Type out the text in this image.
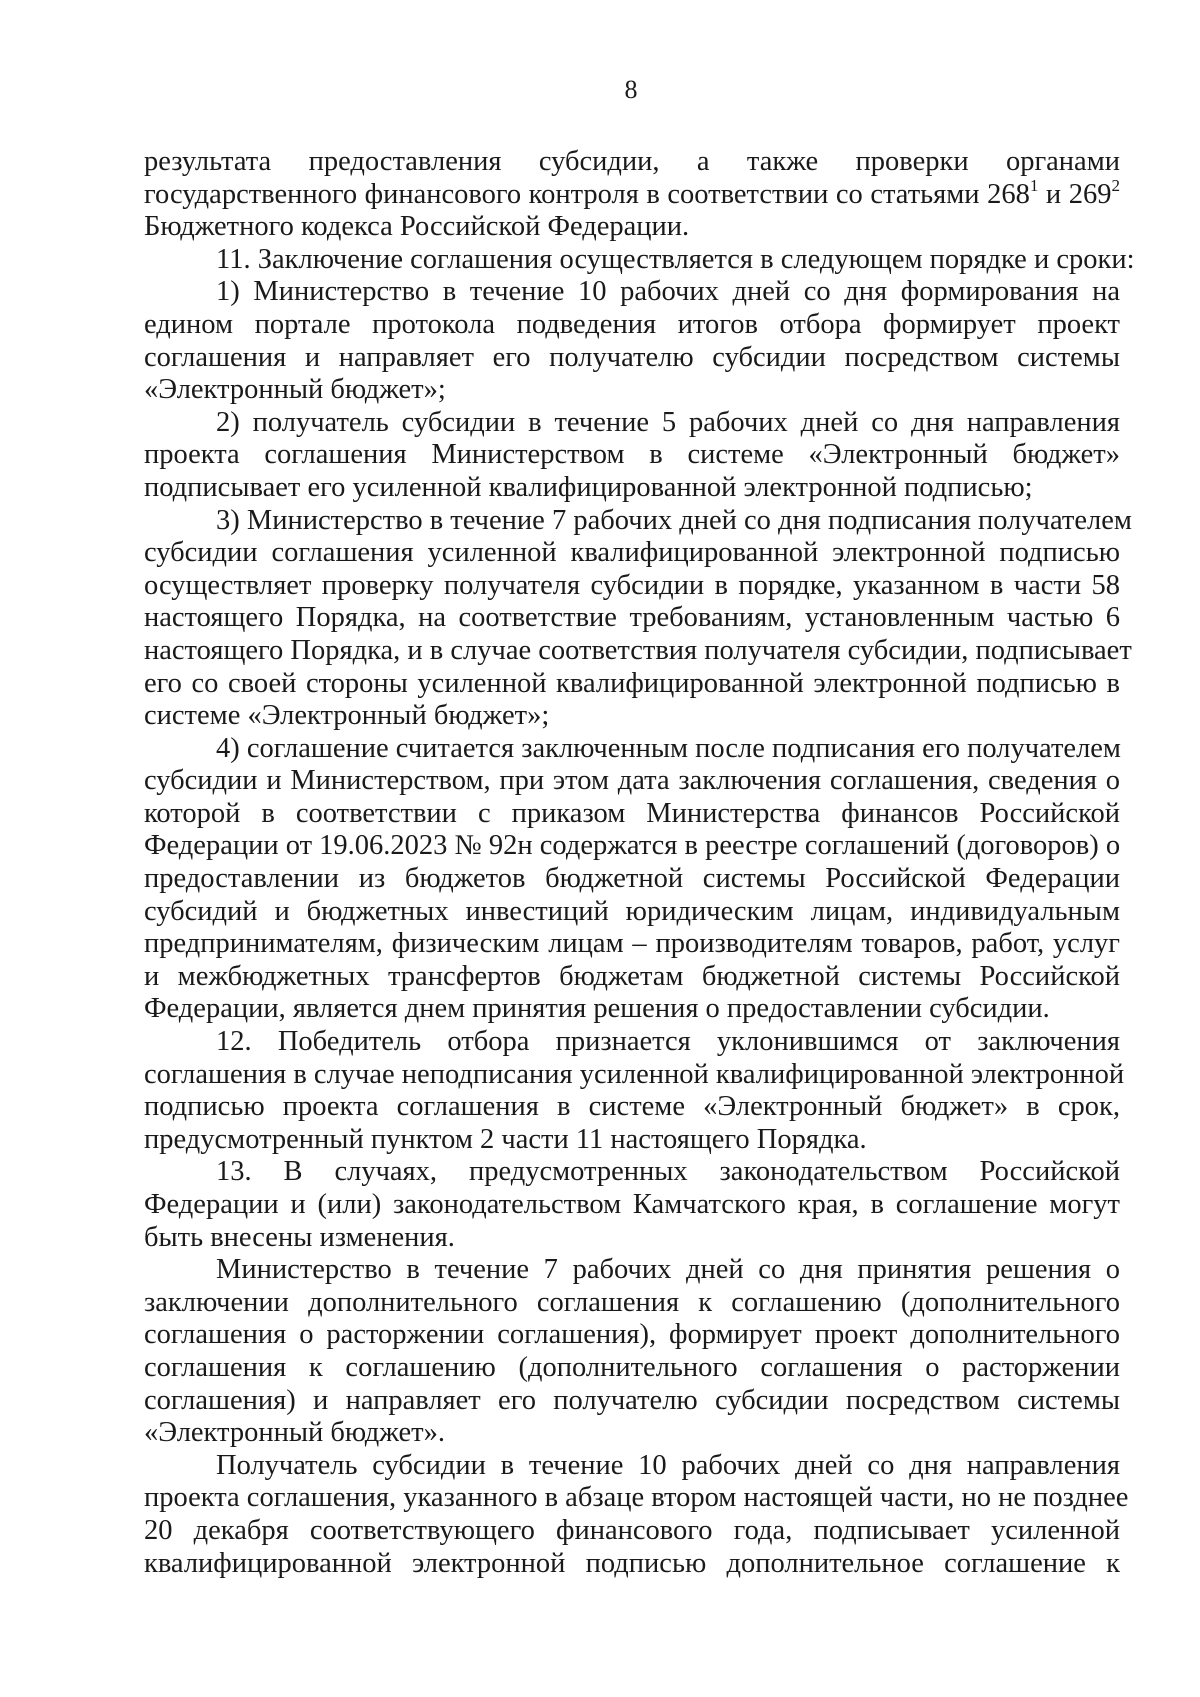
8
результата предоставления субсидии, а также проверки органами
государственного финансового контроля в соответствии со статьями $268^1$ и $269^2$
Бюджетного кодекса Российской Федерации.
11. Заключение соглашения осуществляется в следующем порядке и сроки:
1) Министерство в течение 10 рабочих дней со дня формирования на
едином портале протокола подведения итогов отбора формирует проект
соглашения и направляет его получателю субсидии посредством системы
«Электронный бюджет»;
2) получатель субсидии в течение 5 рабочих дней со дня направления
проекта соглашения Министерством в системе «Электронный бюджет»
подписывает его усиленной квалифицированной электронной подписью;
3) Министерство в течение 7 рабочих дней со дня подписания получателем
субсидии соглашения усиленной квалифицированной электронной подписью
осуществляет проверку получателя субсидии в порядке, указанном в части 58
настоящего Порядка, на соответствие требованиям, установленным частью 6
настоящего Порядка, и в случае соответствия получателя субсидии, подписывает
его со своей стороны усиленной квалифицированной электронной подписью в
системе «Электронный бюджет»;
4) соглашение считается заключенным после подписания его получателем
субсидии и Министерством, при этом дата заключения соглашения, сведения о
которой в соответствии с приказом Министерства финансов Российской
Федерации от 19.06.2023 № 92н содержатся в реестре соглашений (договоров) о
предоставлении из бюджетов бюджетной системы Российской Федерации
субсидий и бюджетных инвестиций юридическим лицам, индивидуальным
предпринимателям, физическим лицам – производителям товаров, работ, услуг
и межбюджетных трансфертов бюджетам бюджетной системы Российской
Федерации, является днем принятия решения о предоставлении субсидии.
12. Победитель отбора признается уклонившимся от заключения
соглашения в случае неподписания усиленной квалифицированной электронной
подписью проекта соглашения в системе «Электронный бюджет» в срок,
предусмотренный пунктом 2 части 11 настоящего Порядка.
13. В случаях, предусмотренных законодательством Российской
Федерации и (или) законодательством Камчатского края, в соглашение могут
быть внесены изменения.
Министерство в течение 7 рабочих дней со дня принятия решения о
заключении дополнительного соглашения к соглашению (дополнительного
соглашения о расторжении соглашения), формирует проект дополнительного
соглашения к соглашению (дополнительного соглашения о расторжении
соглашения) и направляет его получателю субсидии посредством системы
«Электронный бюджет».
Получатель субсидии в течение 10 рабочих дней со дня направления
проекта соглашения, указанного в абзаце втором настоящей части, но не позднее
20 декабря соответствующего финансового года, подписывает усиленной
квалифицированной электронной подписью дополнительное соглашение к
